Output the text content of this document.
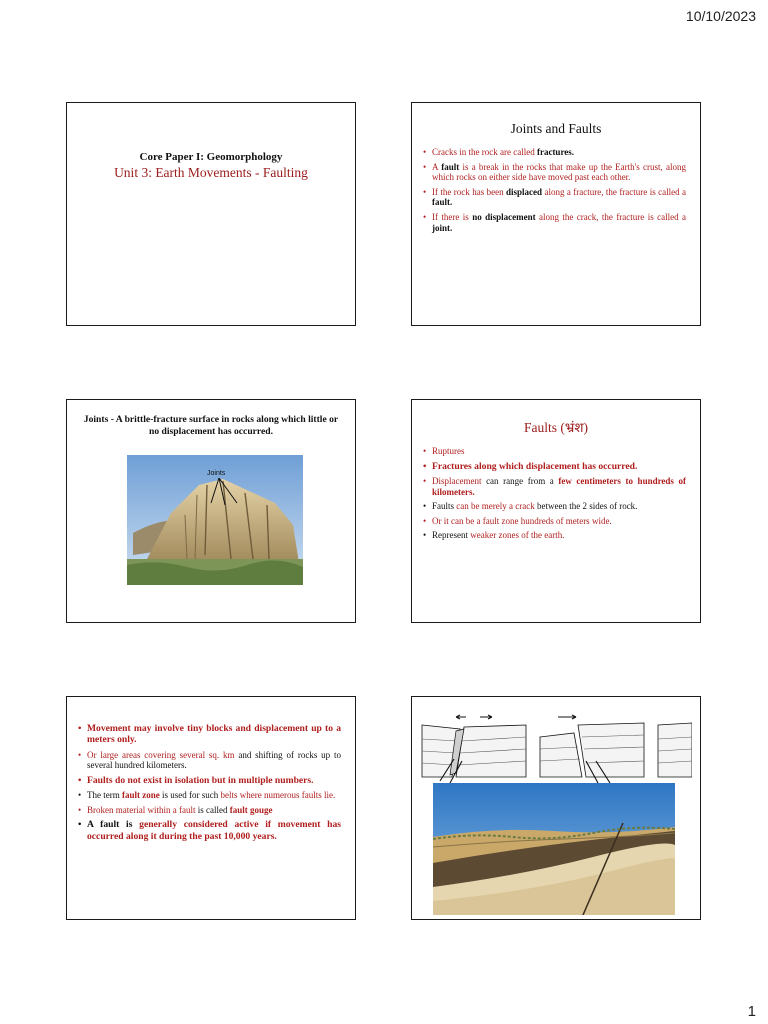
10/10/2023
Core Paper I: Geomorphology
Unit 3: Earth Movements - Faulting
Joints and Faults
• Cracks in the rock are called fractures.
• A fault is a break in the rocks that make up the Earth's crust, along which rocks on either side have moved past each other.
• If the rock has been displaced along a fracture, the fracture is called a fault.
• If there is no displacement along the crack, the fracture is called a joint.
Joints - A brittle-fracture surface in rocks along which little or no displacement has occurred.
Joints
Faults (भ्रंश)
• Ruptures
• Fractures along which displacement has occurred.
• Displacement can range from a few centimeters to hundreds of kilometers.
• Faults can be merely a crack between the 2 sides of rock.
• Or it can be a fault zone hundreds of meters wide.
• Represent weaker zones of the earth.
• Movement may involve tiny blocks and displacement up to a meters only.
• Or large areas covering several sq. km and shifting of rocks up to several hundred kilometers.
• Faults do not exist in isolation but in multiple numbers.
• The term fault zone is used for such belts where numerous faults lie.
• Broken material within a fault is called fault gouge
• A fault is generally considered active if movement has occurred along it during the past 10,000 years.
1
